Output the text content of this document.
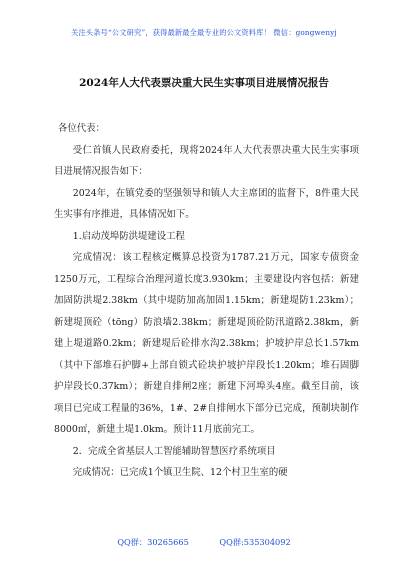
关注头条号“公文研究”，获得最新最全最专业的公文资料库！ 微信：gongwenyj
2024年人大代表票决重大民生实事项目进展情况报告

各位代表：

受仁首镇人民政府委托，现将2024年人大代表票决重大民生实事项目进展情况报告如下：

2024年，在镇党委的坚强领导和镇人大主席团的监督下，8件重大民生实事有序推进，具体情况如下。

1.启动茂埠防洪堤建设工程

完成情况：该工程核定概算总投资为1787.21万元，国家专债资金1250万元，工程综合治理河道长度3.930km；主要建设内容包括：新建加固防洪堤2.38km（其中堤防加高加固1.15km；新建堤防1.23km）；新建堤顶砼（tōng）防浪墙2.38km；新建堤顶砼防汛道路2.38km，新建上堤道路0.2km；新建堤后砼排水沟2.38km；护坡护岸总长1.57km（其中下部堆石护脚+上部自锁式砼块护坡护岸段长1.20km；堆石固脚护岸段长0.37km）；新建自排闸2座；新建下河埠头4座。截至目前，该项目已完成工程量的36%，1#、2#自排闸水下部分已完成，预制块制作8000㎡，新建土堤1.0km。预计11月底前完工。

2．完成全省基层人工智能辅助智慧医疗系统项目

完成情况：已完成1个镇卫生院、12个村卫生室的硬

QQ群：30265665	QQ群:535304092
